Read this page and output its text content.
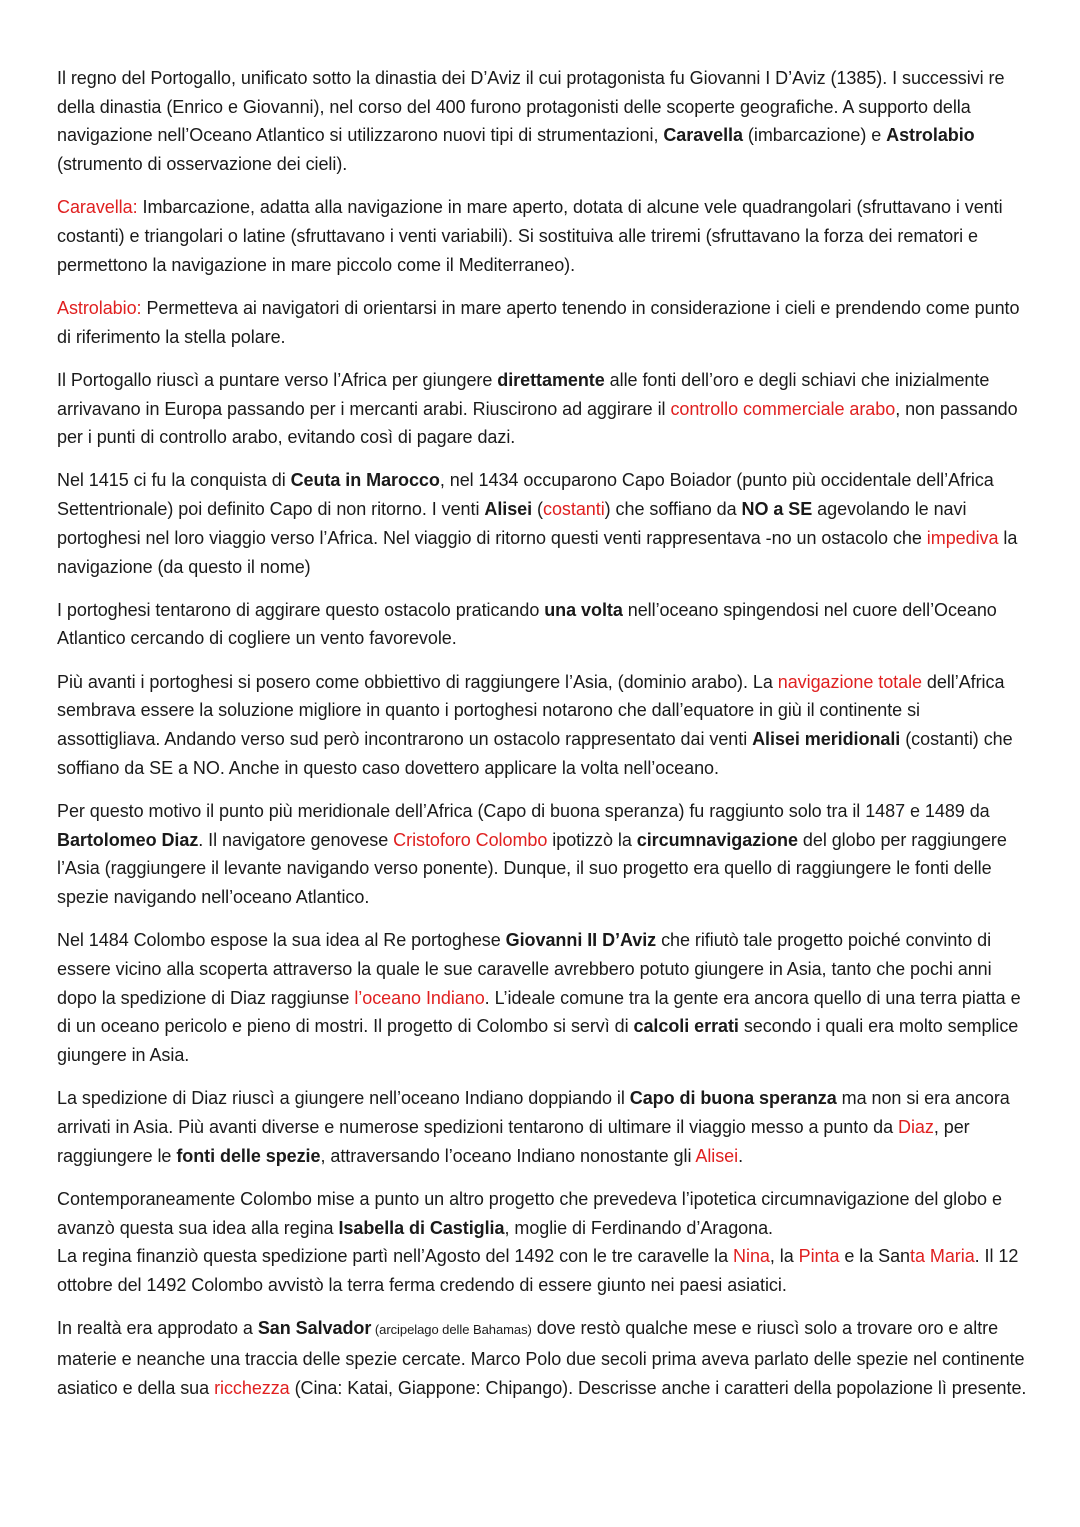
Il regno del Portogallo, unificato sotto la dinastia dei D’Aviz il cui protagonista fu Giovanni I D’Aviz (1385). I successivi re della dinastia (Enrico e Giovanni), nel corso del 400 furono protagonisti delle scoperte geografiche. A supporto della navigazione nell’Oceano Atlantico si utilizzarono nuovi tipi di strumentazioni, Caravella (imbarcazione) e Astrolabio (strumento di osservazione dei cieli).

Caravella: Imbarcazione, adatta alla navigazione in mare aperto, dotata di alcune vele quadrangolari (sfruttavano i venti costanti) e triangolari o latine (sfruttavano i venti variabili). Si sostituiva alle triremi (sfruttavano la forza dei rematori e permettono la navigazione in mare piccolo come il Mediterraneo).

Astrolabio: Permetteva ai navigatori di orientarsi in mare aperto tenendo in considerazione i cieli e prendendo come punto di riferimento la stella polare.

Il Portogallo riuscì a puntare verso l’Africa per giungere direttamente alle fonti dell’oro e degli schiavi che inizialmente arrivavano in Europa passando per i mercanti arabi. Riuscirono ad aggirare il controllo commerciale arabo, non passando per i punti di controllo arabo, evitando così di pagare dazi.

Nel 1415 ci fu la conquista di Ceuta in Marocco, nel 1434 occuparono Capo Boiador (punto più occidentale dell’Africa Settentrionale) poi definito Capo di non ritorno. I venti Alisei (costanti) che soffiano da NO a SE agevolando le navi portoghesi nel loro viaggio verso l’Africa. Nel viaggio di ritorno questi venti rappresentava -no un ostacolo che impediva la navigazione (da questo il nome)

I portoghesi tentarono di aggirare questo ostacolo praticando una volta nell’oceano spingendosi nel cuore dell’Oceano Atlantico cercando di cogliere un vento favorevole.

Più avanti i portoghesi si posero come obbiettivo di raggiungere l’Asia, (dominio arabo). La navigazione totale dell’Africa sembrava essere la soluzione migliore in quanto i portoghesi notarono che dall’equatore in giù il continente si assottigliava. Andando verso sud però incontrarono un ostacolo rappresentato dai venti Alisei meridionali (costanti) che soffiano da SE a NO. Anche in questo caso dovettero applicare la volta nell’oceano.

Per questo motivo il punto più meridionale dell’Africa (Capo di buona speranza) fu raggiunto solo tra il 1487 e 1489 da Bartolomeo Diaz. Il navigatore genovese Cristoforo Colombo ipotizzò la circumnavigazione del globo per raggiungere l’Asia (raggiungere il levante navigando verso ponente). Dunque, il suo progetto era quello di raggiungere le fonti delle spezie navigando nell’oceano Atlantico.

Nel 1484 Colombo espose la sua idea al Re portoghese Giovanni II D’Aviz che rifiutò tale progetto poiché convinto di essere vicino alla scoperta attraverso la quale le sue caravelle avrebbero potuto giungere in Asia, tanto che pochi anni dopo la spedizione di Diaz raggiunse l’oceano Indiano. L’ideale comune tra la gente era ancora quello di una terra piatta e di un oceano pericolo e pieno di mostri. Il progetto di Colombo si servì di calcoli errati secondo i quali era molto semplice giungere in Asia.

La spedizione di Diaz riuscì a giungere nell’oceano Indiano doppiando il Capo di buona speranza ma non si era ancora arrivati in Asia. Più avanti diverse e numerose spedizioni tentarono di ultimare il viaggio messo a punto da Diaz, per raggiungere le fonti delle spezie, attraversando l’oceano Indiano nonostante gli Alisei.

Contemporaneamente Colombo mise a punto un altro progetto che prevedeva l’ipotetica circumnavigazione del globo e avanzò questa sua idea alla regina Isabella di Castiglia, moglie di Ferdinando d’Aragona.
La regina finanziò questa spedizione partì nell’Agosto del 1492 con le tre caravelle la Nina, la Pinta e la Santa Maria. Il 12 ottobre del 1492 Colombo avvistò la terra ferma credendo di essere giunto nei paesi asiatici.

In realtà era approdato a San Salvador (arcipelago delle Bahamas) dove restò qualche mese e riuscì solo a trovare oro e altre materie e neanche una traccia delle spezie cercate. Marco Polo due secoli prima aveva parlato delle spezie nel continente asiatico e della sua ricchezza (Cina: Katai, Giappone: Chipango). Descrisse anche i caratteri della popolazione lì presente.
